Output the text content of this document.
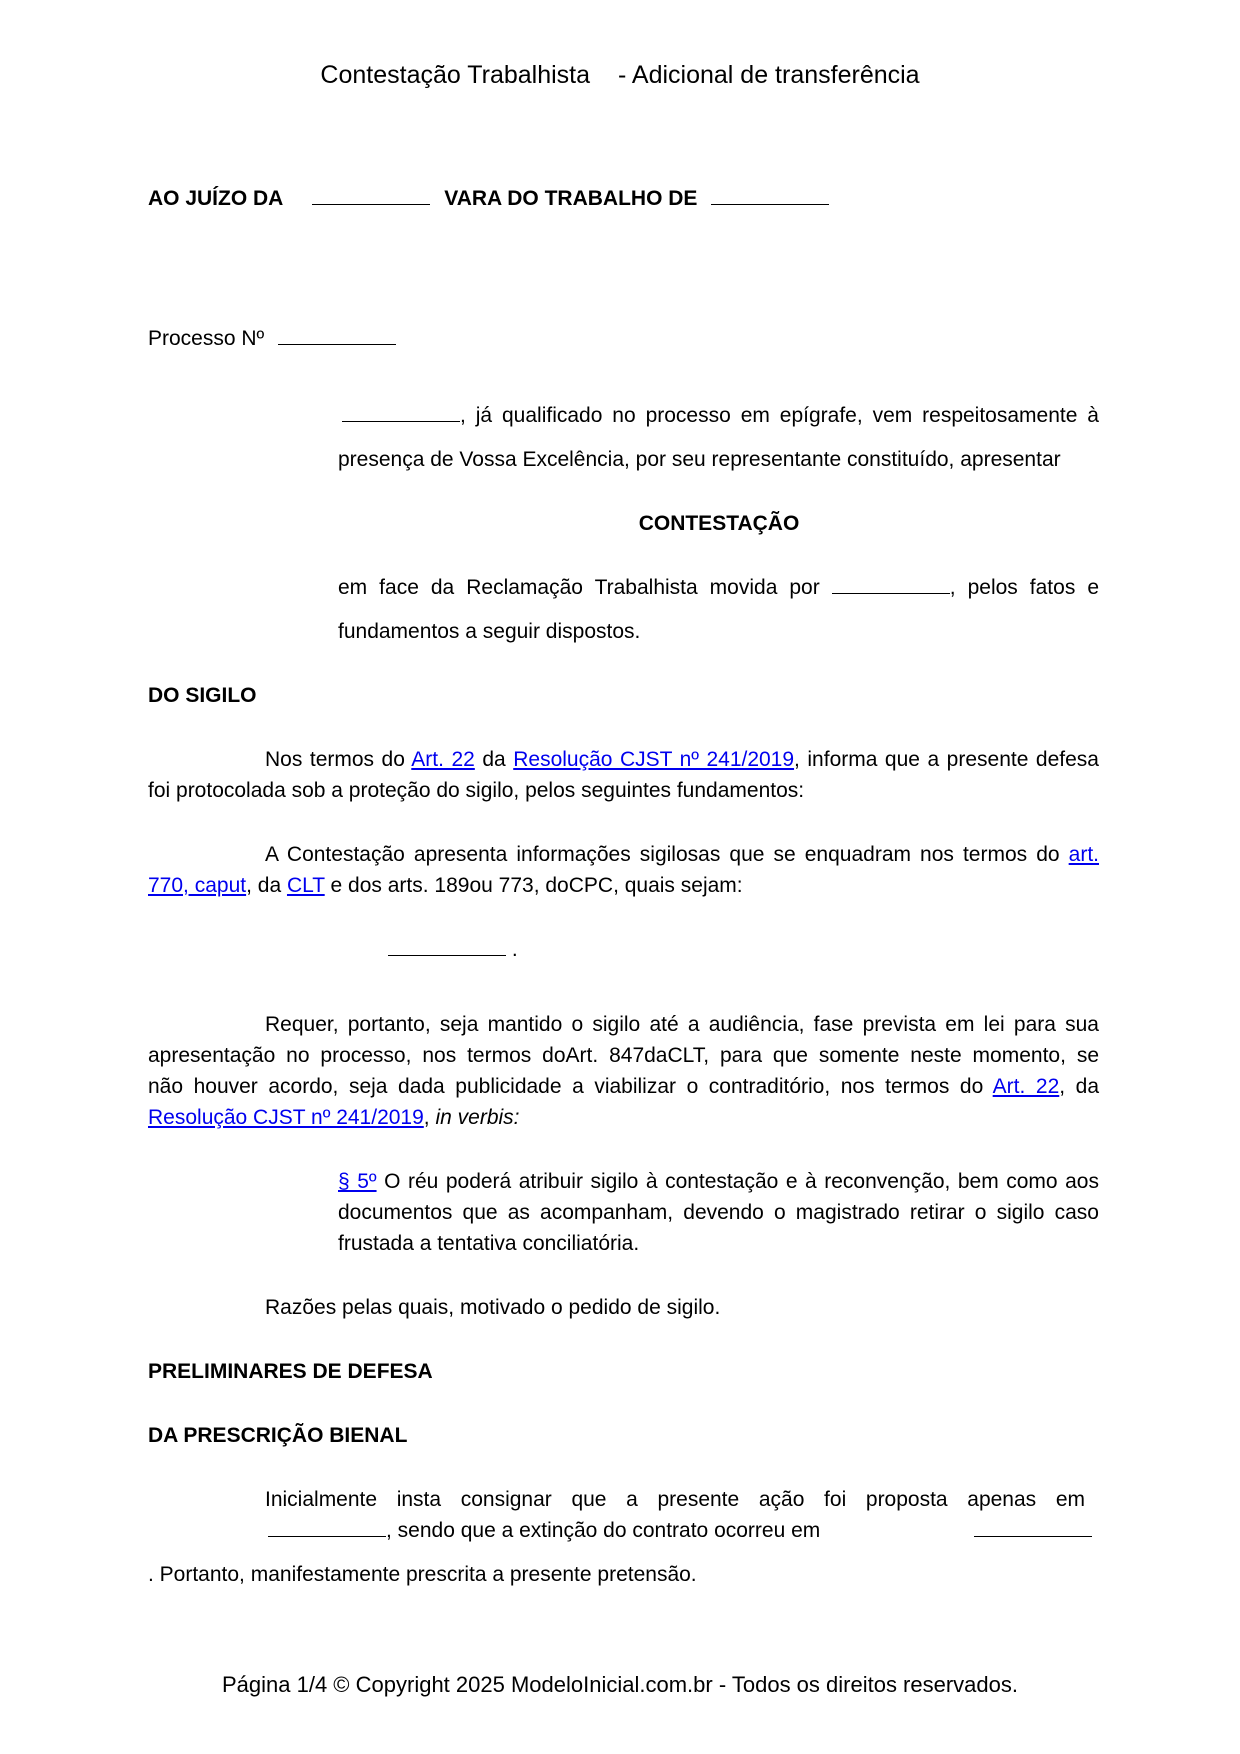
Contestação Trabalhista - Adicional de transferência
AO JUÍZO DA	VARA DO TRABALHO DE
Processo Nº
, já qualificado no processo em epígrafe, vem respeitosamente à
presença de Vossa Excelência, por seu representante constituído, apresentar
CONTESTAÇÃO
em face da Reclamação Trabalhista movida por	, pelos fatos e
fundamentos a seguir dispostos.
DO SIGILO
Nos termos do Art. 22 da Resolução CJST nº 241/2019, informa que a presente defesa
foi protocolada sob a proteção do sigilo, pelos seguintes fundamentos:
A Contestação apresenta informações sigilosas que se enquadram nos termos do art.
770, caput, da CLT e dos arts. 189ou 773, doCPC, quais sejam:
.
Requer, portanto, seja mantido o sigilo até a audiência, fase prevista em lei para sua
apresentação no processo, nos termos doArt. 847daCLT, para que somente neste momento, se
não houver acordo, seja dada publicidade a viabilizar o contraditório, nos termos do Art. 22, da
Resolução CJST nº 241/2019, in verbis:
§ 5º O réu poderá atribuir sigilo à contestação e à reconvenção, bem como aos
documentos que as acompanham, devendo o magistrado retirar o sigilo caso
frustada a tentativa conciliatória.
Razões pelas quais, motivado o pedido de sigilo.
PRELIMINARES DE DEFESA
DA PRESCRIÇÃO BIENAL
Inicialmente insta consignar que a presente ação foi proposta apenas em
, sendo que a extinção do contrato ocorreu em
. Portanto, manifestamente prescrita a presente pretensão.
Página 1/4 © Copyright 2025 ModeloInicial.com.br - Todos os direitos reservados.
